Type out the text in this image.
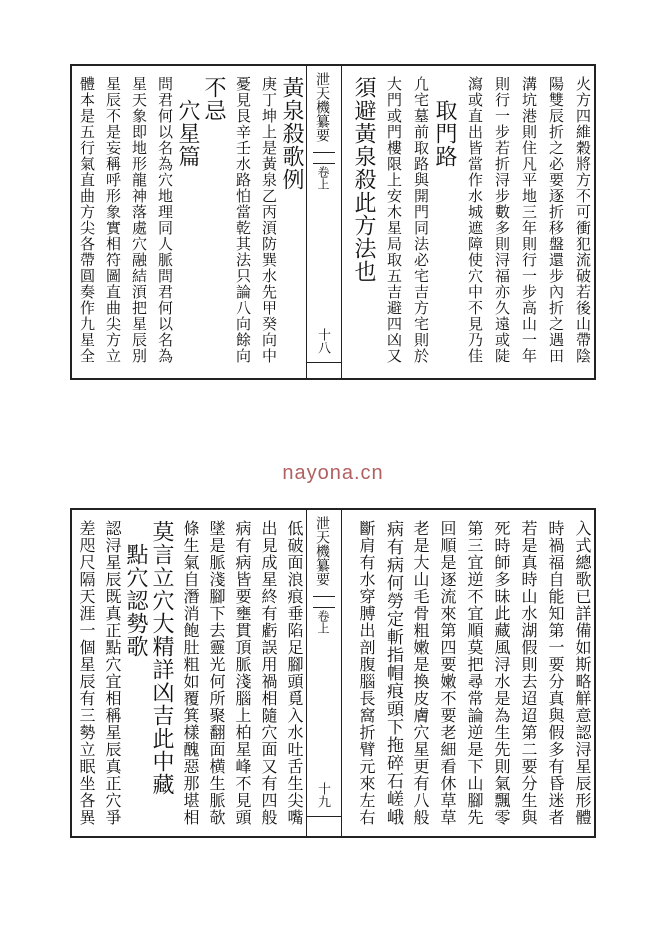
火方四維穀將方不可衝犯流破若後山帶陰
陽雙辰折之必要逐折移盤還步內折之遇田
溝坑港則住凡平地三年則行一步高山一年
則行一步若折浔步數多則浔福亦久遠或陡
瀉或直出皆當作水城遮障使穴中不見乃佳
　取門路
凢宅墓前取路與開門同法必宅吉方宅則於
大門或門樓限上安木星局取五吉避四凶又
須避黃泉殺此方法也
泄天機纂要
卷上
十八
黃泉殺歌例
庚丁坤上是黃泉乙丙湏防巽水先甲癸向中
憂見艮辛壬水路怕當乾其法只論八向餘向
不忌
　穴星篇
問君何以名為穴地理同人脈問君何以名為
星天象即地形龍神落處穴融結湏把星辰別
星辰不是妄稱呼形象實相符圖直曲尖方立
體本是五行氣直曲方尖各帶圓奏作九星全
nayona.cn
入式總歌已詳備如斯略觧意認浔星辰形體
時禍福自能知第一要分真與假多有昏迷者
若是真時山水湖假則去迢迢第二要分生與
死時師多昧此藏風浔水是為生先則氣飄零
第三宜逆不宜順莫把尋常論逆是下山腳先
回順是逐流來第四要嫩不要老細看休草草
老是大山毛骨粗嫩是換皮膚穴星更有八般
病有病何勞定斬指帽痕頭下拖碎石嵯峨
斷肩有水穿膊出剖腹腦長窩折臂元來左右
泄天機纂要
卷上
十九
低破面浪痕垂陷足腳頭覓入水吐舌生尖嘴
出見成星終有虧誤用禍相隨穴面又有四般
病有病皆要壅貫頂脈淺腦上柏星峰不見頭
墜是脈淺腳下去靈光何所聚翻面横生脈欹
條生氣自潛消飽肚粗如覆箕樣醜惡那堪相
莫言立穴大精詳凶吉此中藏
　點穴認勢歌
認浔星辰既真正點穴宜相稱星辰真正穴爭
差咫尺隔天涯一個星辰有三勢立眠坐各異
